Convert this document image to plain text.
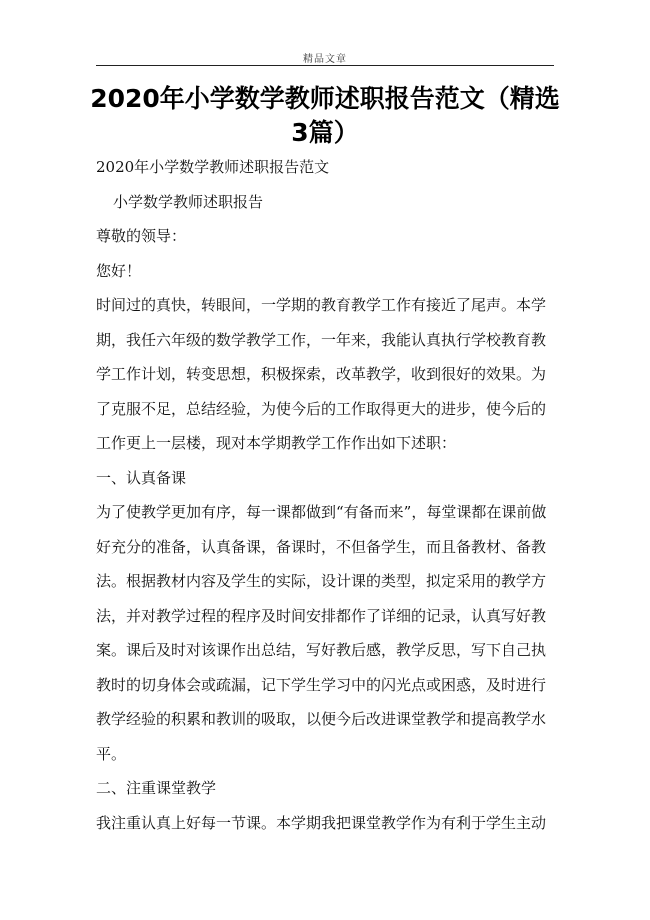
精品文章
2020年小学数学教师述职报告范文（精选3篇）

2020年小学数学教师述职报告范文

小学数学教师述职报告

尊敬的领导：

您好！

时间过的真快，转眼间，一学期的教育教学工作有接近了尾声。本学期，我任六年级的数学教学工作，一年来，我能认真执行学校教育教学工作计划，转变思想，积极探索，改革教学，收到很好的效果。为了克服不足，总结经验，为使今后的工作取得更大的进步，使今后的工作更上一层楼，现对本学期教学工作作出如下述职：

一、认真备课

为了使教学更加有序，每一课都做到“有备而来”，每堂课都在课前做好充分的准备，认真备课，备课时，不但备学生，而且备教材、备教法。根据教材内容及学生的实际，设计课的类型，拟定采用的教学方法，并对教学过程的程序及时间安排都作了详细的记录，认真写好教案。课后及时对该课作出总结，写好教后感，教学反思，写下自己执教时的切身体会或疏漏，记下学生学习中的闪光点或困惑，及时进行教学经验的积累和教训的吸取，以便今后改进课堂教学和提高教学水平。

二、注重课堂教学

我注重认真上好每一节课。本学期我把课堂教学作为有利于学生主动
